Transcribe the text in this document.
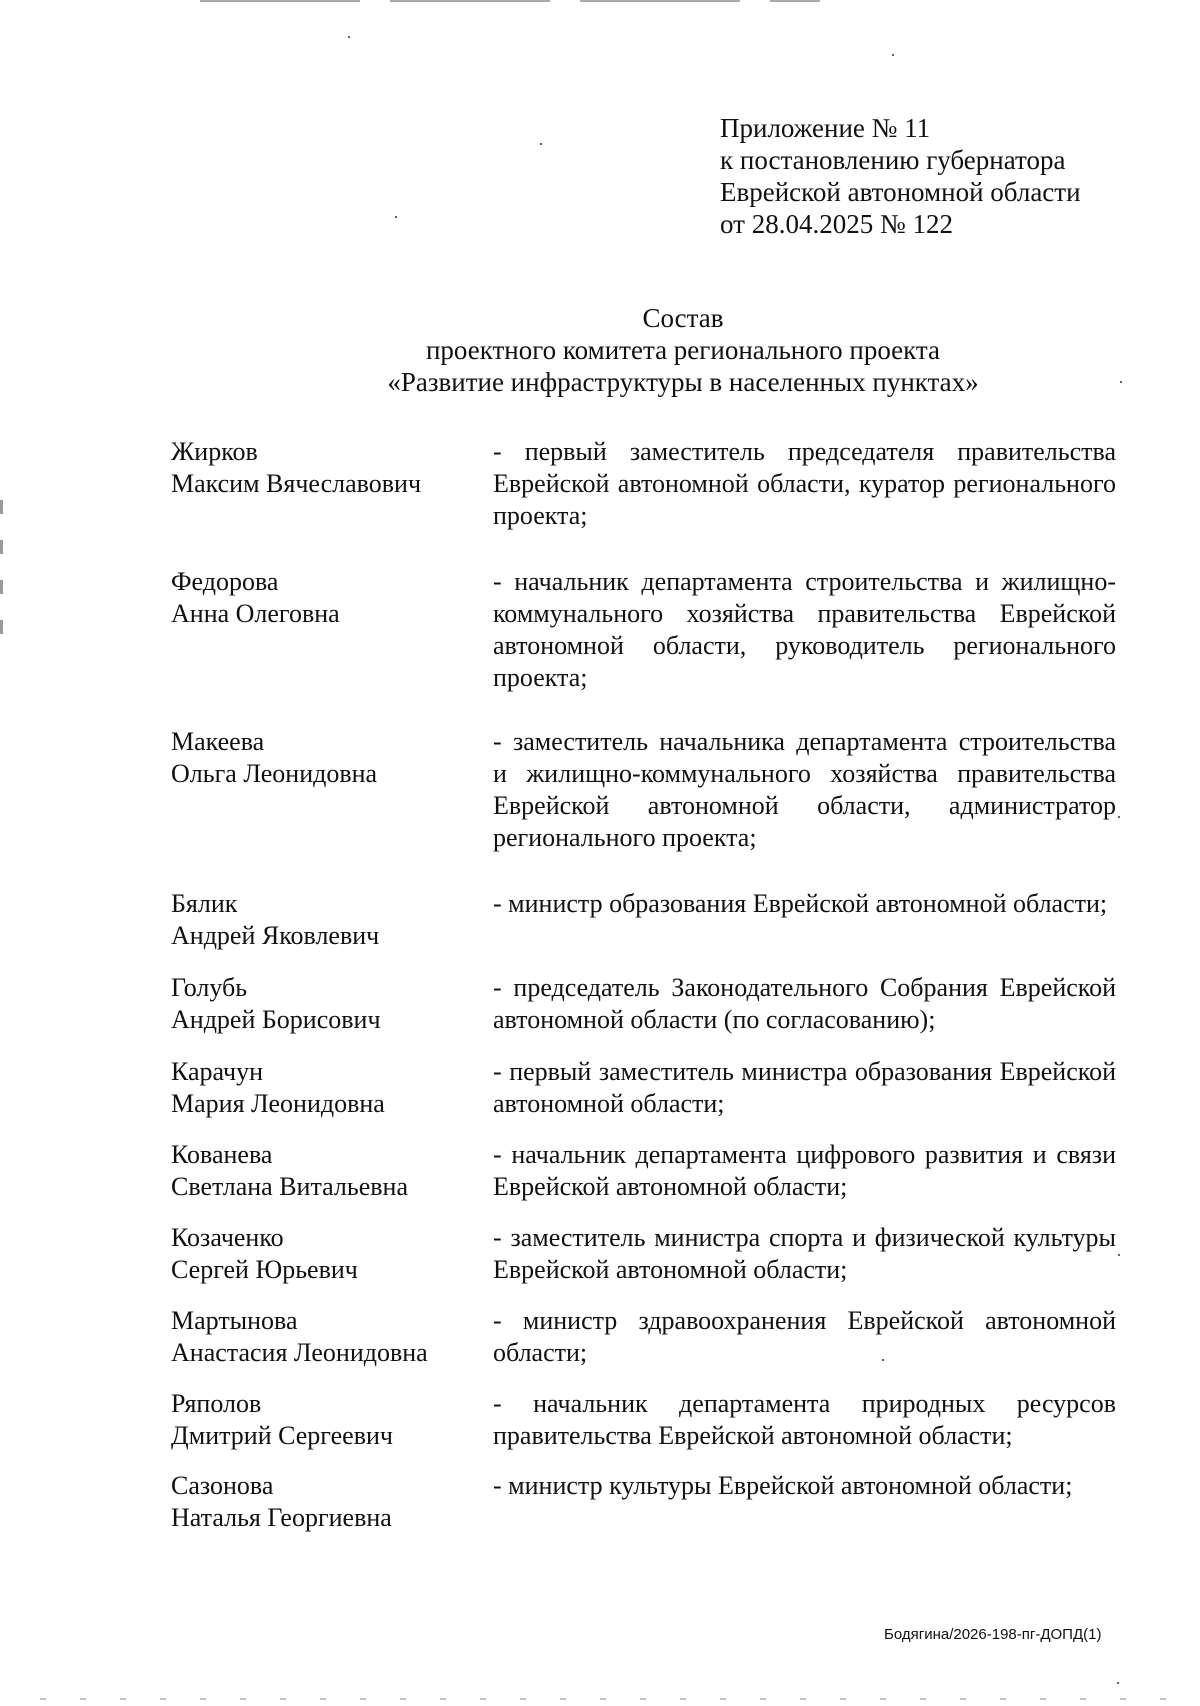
Приложение № 11
к постановлению губернатора
Еврейской автономной области
от 28.04.2025 № 122
Состав
проектного комитета регионального проекта
«Развитие инфраструктуры в населенных пунктах»
Жирков
Максим Вячеславович
- первый заместитель председателя правительства Еврейской автономной области, куратор регионального проекта;
Федорова
Анна Олеговна
- начальник департамента строительства и жилищно-коммунального хозяйства правительства Еврейской автономной области, руководитель регионального проекта;
Макеева
Ольга Леонидовна
- заместитель начальника департамента строительства и жилищно-коммунального хозяйства правительства Еврейской автономной области, администратор регионального проекта;
Бялик
Андрей Яковлевич
- министр образования Еврейской автономной области;
Голубь
Андрей Борисович
- председатель Законодательного Собрания Еврейской автономной области (по согласованию);
Карачун
Мария Леонидовна
- первый заместитель министра образования Еврейской автономной области;
Кованева
Светлана Витальевна
- начальник департамента цифрового развития и связи Еврейской автономной области;
Козаченко
Сергей Юрьевич
- заместитель министра спорта и физической культуры Еврейской автономной области;
Мартынова
Анастасия Леонидовна
- министр здравоохранения Еврейской автономной области;
Ряполов
Дмитрий Сергеевич
- начальник департамента природных ресурсов правительства Еврейской автономной области;
Сазонова
Наталья Георгиевна
- министр культуры Еврейской автономной области;
Бодягина/2026-198-пг-ДОПД(1)
